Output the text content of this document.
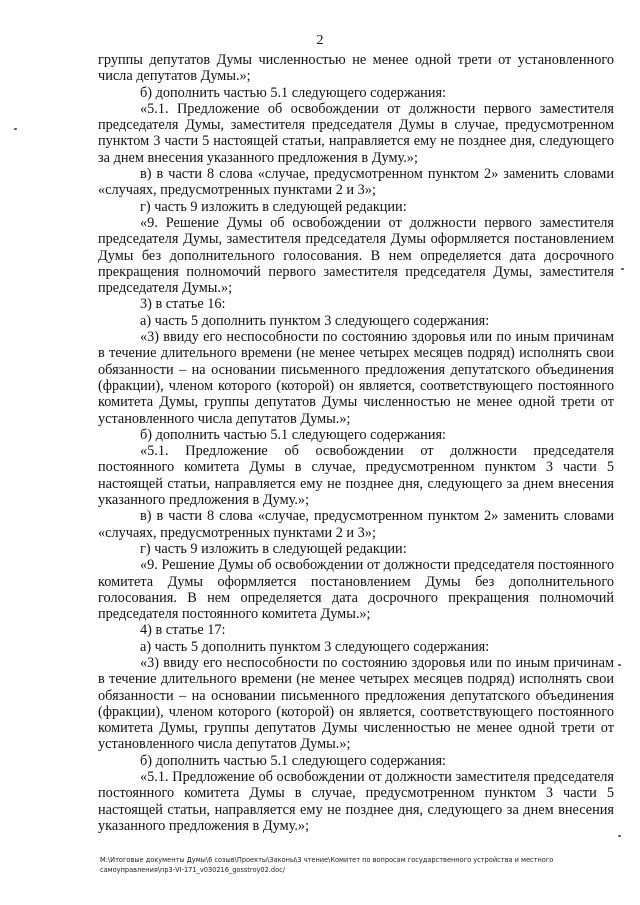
2

группы депутатов Думы численностью не менее одной трети от установленного числа депутатов Думы.»;

б) дополнить частью 5.1 следующего содержания:

«5.1. Предложение об освобождении от должности первого заместителя председателя Думы, заместителя председателя Думы в случае, предусмотренном пунктом 3 части 5 настоящей статьи, направляется ему не позднее дня, следующего за днем внесения указанного предложения в Думу.»;

в) в части 8 слова «случае, предусмотренном пунктом 2» заменить словами «случаях, предусмотренных пунктами 2 и 3»;

г) часть 9 изложить в следующей редакции:

«9. Решение Думы об освобождении от должности первого заместителя председателя Думы, заместителя председателя Думы оформляется постановлением Думы без дополнительного голосования. В нем определяется дата досрочного прекращения полномочий первого заместителя председателя Думы, заместителя председателя Думы.»;

3) в статье 16:

а) часть 5 дополнить пунктом 3 следующего содержания:

«3) ввиду его неспособности по состоянию здоровья или по иным причинам в течение длительного времени (не менее четырех месяцев подряд) исполнять свои обязанности – на основании письменного предложения депутатского объединения (фракции), членом которого (которой) он является, соответствующего постоянного комитета Думы, группы депутатов Думы численностью не менее одной трети от установленного числа депутатов Думы.»;

б) дополнить частью 5.1 следующего содержания:

«5.1. Предложение об освобождении от должности председателя постоянного комитета Думы в случае, предусмотренном пунктом 3 части 5 настоящей статьи, направляется ему не позднее дня, следующего за днем внесения указанного предложения в Думу.»;

в) в части 8 слова «случае, предусмотренном пунктом 2» заменить словами «случаях, предусмотренных пунктами 2 и 3»;

г) часть 9 изложить в следующей редакции:

«9. Решение Думы об освобождении от должности председателя постоянного комитета Думы оформляется постановлением Думы без дополнительного голосования. В нем определяется дата досрочного прекращения полномочий председателя постоянного комитета Думы.»;

4) в статье 17:

а) часть 5 дополнить пунктом 3 следующего содержания:

«3) ввиду его неспособности по состоянию здоровья или по иным причинам в течение длительного времени (не менее четырех месяцев подряд) исполнять свои обязанности – на основании письменного предложения депутатского объединения (фракции), членом которого (которой) он является, соответствующего постоянного комитета Думы, группы депутатов Думы численностью не менее одной трети от установленного числа депутатов Думы.»;

б) дополнить частью 5.1 следующего содержания:

«5.1. Предложение об освобождении от должности заместителя председателя постоянного комитета Думы в случае, предусмотренном пунктом 3 части 5 настоящей статьи, направляется ему не позднее дня, следующего за днем внесения указанного предложения в Думу.»;

М:\Итоговые документы Думы\6 созыв\Проекты\Законы\3 чтение\Комитет по вопросам государственного устройства и местного самоуправления\пр3-VI-171_v030216_gosstroy02.doc/
